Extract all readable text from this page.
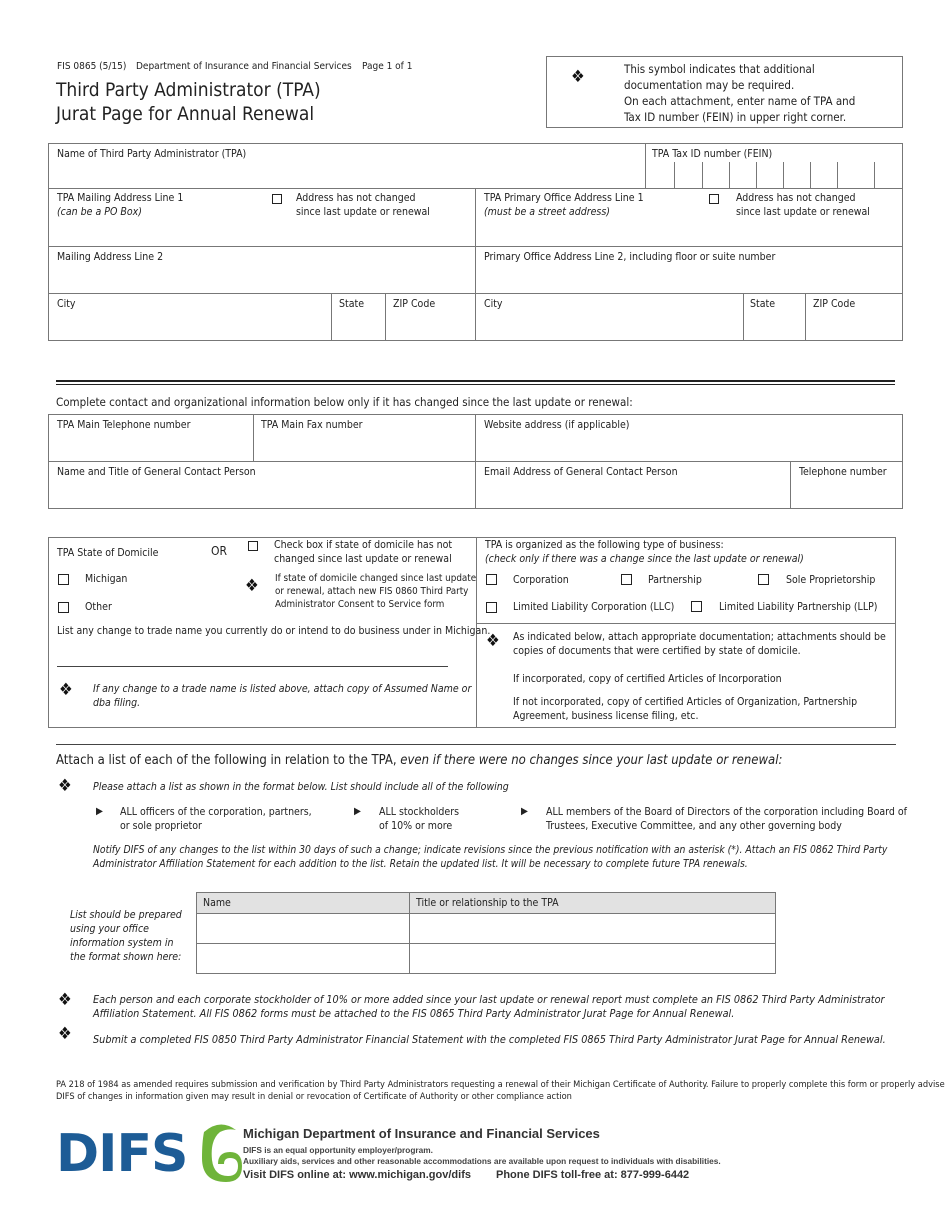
FIS 0865 (5/15) Department of Insurance and Financial Services Page 1 of 1
Third Party Administrator (TPA)
Jurat Page for Annual Renewal
❖	This symbol indicates that additional
documentation may be required.
On each attachment, enter name of TPA and
Tax ID number (FEIN) in upper right corner.
Name of Third Party Administrator (TPA)	TPA Tax ID number (FEIN)
TPA Mailing Address Line 1
(can be a PO Box)
Address has not changed
since last update or renewal
TPA Primary Office Address Line 1
(must be a street address)
Address has not changed
since last update or renewal
Mailing Address Line 2	Primary Office Address Line 2, including floor or suite number
City	State	ZIP Code	City	State	ZIP Code
Complete contact and organizational information below only if it has changed since the last update or renewal:
TPA Main Telephone number	TPA Main Fax number	Website address (if applicable)
Name and Title of General Contact Person	Email Address of General Contact Person	Telephone number
TPA State of Domicile	OR	Check box if state of domicile has not
changed since last update or renewal
Michigan
Other
❖ If state of domicile changed since last update
or renewal, attach new FIS 0860 Third Party
Administrator Consent to Service form
List any change to trade name you currently do or intend to do business under in Michigan.
❖ If any change to a trade name is listed above, attach copy of Assumed Name or
dba filing.
TPA is organized as the following type of business:
(check only if there was a change since the last update or renewal)
Corporation	Partnership	Sole Proprietorship
Limited Liability Corporation (LLC)	Limited Liability Partnership (LLP)
❖ As indicated below, attach appropriate documentation; attachments should be
copies of documents that were certified by state of domicile.
If incorporated, copy of certified Articles of Incorporation
If not incorporated, copy of certified Articles of Organization, Partnership
Agreement, business license filing, etc.
Attach a list of each of the following in relation to the TPA, even if there were no changes since your last update or renewal:
❖ Please attach a list as shown in the format below. List should include all of the following
▶ ALL officers of the corporation, partners,
or sole proprietor
▶ ALL stockholders
of 10% or more
▶ ALL members of the Board of Directors of the corporation including Board of
Trustees, Executive Committee, and any other governing body
Notify DIFS of any changes to the list within 30 days of such a change; indicate revisions since the previous notification with an asterisk (*). Attach an FIS 0862 Third Party
Administrator Affiliation Statement for each addition to the list. Retain the updated list. It will be necessary to complete future TPA renewals.
List should be prepared
using your office
information system in
the format shown here:
Name	Title or relationship to the TPA

❖ Each person and each corporate stockholder of 10% or more added since your last update or renewal report must complete an FIS 0862 Third Party Administrator
Affiliation Statement. All FIS 0862 forms must be attached to the FIS 0865 Third Party Administrator Jurat Page for Annual Renewal.
❖ Submit a completed FIS 0850 Third Party Administrator Financial Statement with the completed FIS 0865 Third Party Administrator Jurat Page for Annual Renewal.
PA 218 of 1984 as amended requires submission and verification by Third Party Administrators requesting a renewal of their Michigan Certificate of Authority. Failure to properly complete this form or properly advise
DIFS of changes in information given may result in denial or revocation of Certificate of Authority or other compliance action
DIFS	Michigan Department of Insurance and Financial Services
DIFS is an equal opportunity employer/program.
Auxiliary aids, services and other reasonable accommodations are available upon request to individuals with disabilities.
Visit DIFS online at: www.michigan.gov/difs Phone DIFS toll-free at: 877-999-6442
